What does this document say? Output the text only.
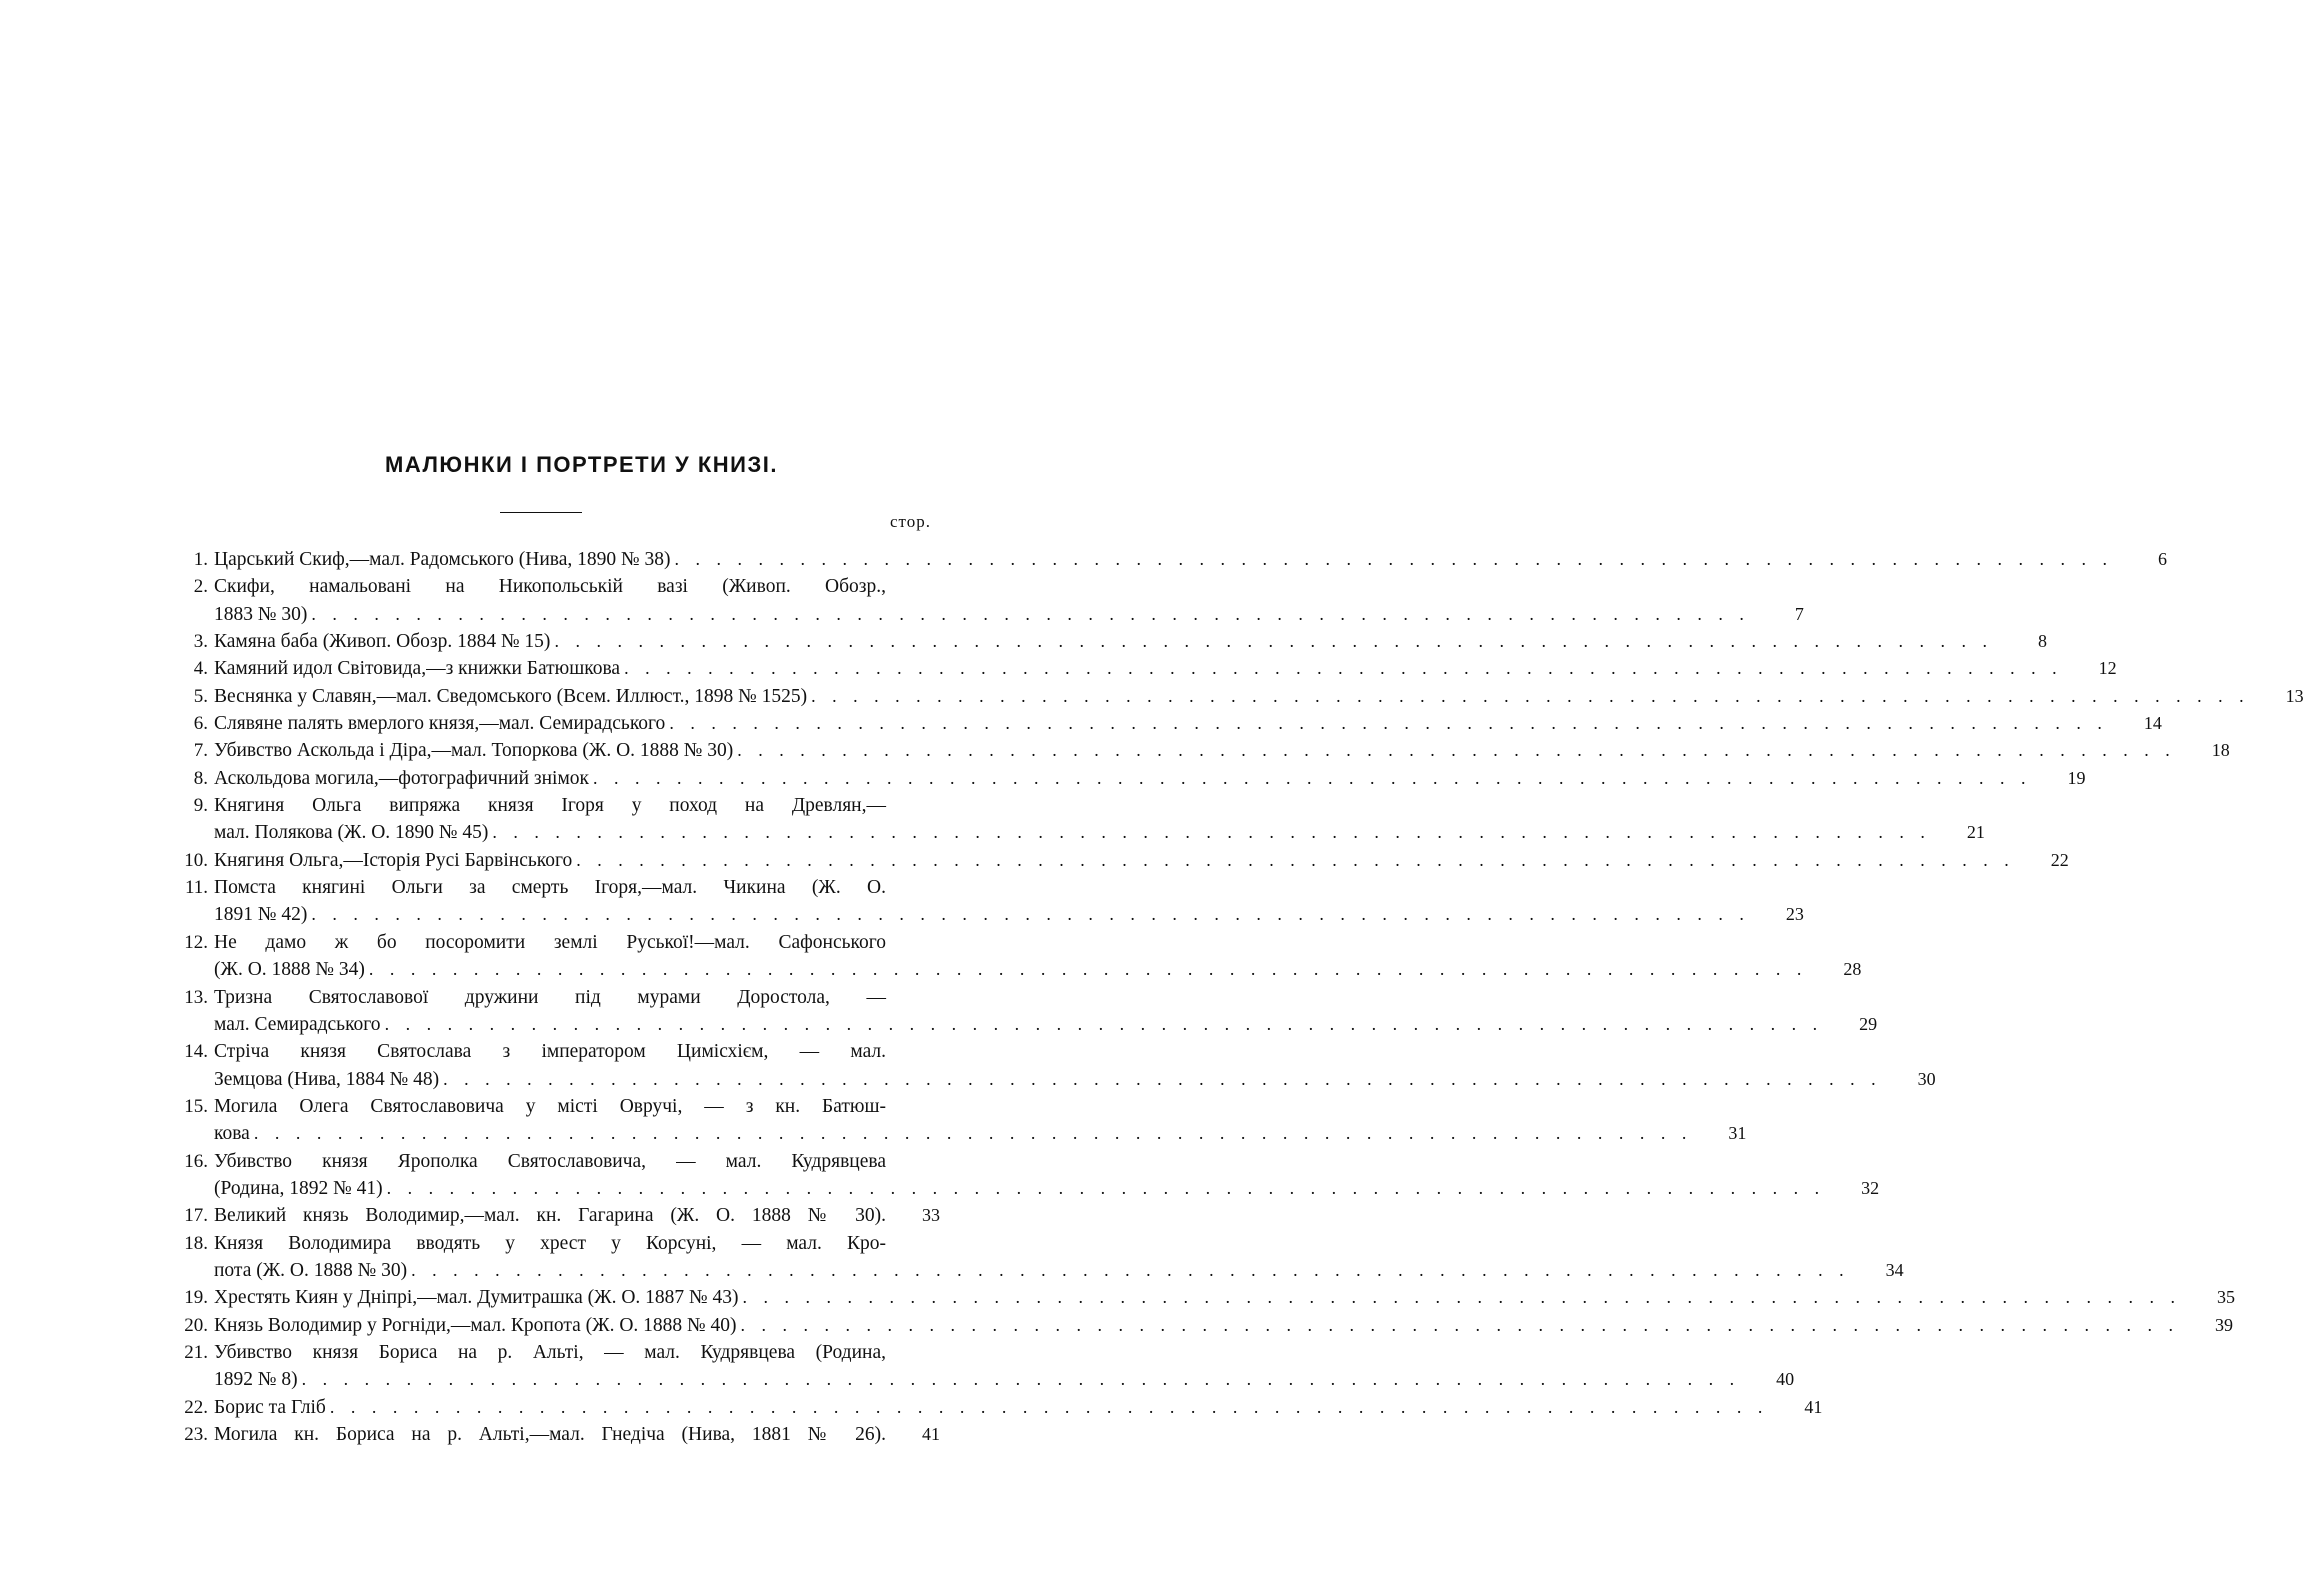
МАЛЮНКИ І ПОРТРЕТИ У КНИЗІ.
стор.
1. Царський Скиф,—мал. Радомського (Нива, 1890 № 38) . . .	6
2. Скифи, намальовані на Никопольській вазі (Живоп. Обозр.,
1883 № 30) . . .	7
3. Камяна баба (Живоп. Обозр. 1884 № 15) . . .	8
4. Камяний идол Світовида,—з книжки Батюшкова . . .	12
5. Веснянка у Славян,—мал. Сведомського (Всем. Иллюст., 1898 № 1525) . . .	13
6. Слявяне палять вмерлого князя,—мал. Семирадського . . .	14
7. Убивство Аскольда і Діра,—мал. Топоркова (Ж. О. 1888 № 30) . . .	18
8. Аскольдова могила,—фотографичний знімок . . .	19
9. Княгиня Ольга випряжа князя Ігоря у поход на Древлян,—
мал. Полякова (Ж. О. 1890 № 45) . . .	21
10. Княгиня Ольга,—Історія Русі Барвінського . . .	22
11. Помста княгині Ольги за смерть Ігоря,—мал. Чикина (Ж. О.
1891 № 42) . . .	23
12. Не дамо ж бо посоромити землі Руської!—мал. Сафонського
(Ж. О. 1888 № 34) . . .	28
13. Тризна Святославової дружини під мурами Доростола, —
мал. Семирадського . . .	29
14. Стріча князя Святослава з імператором Цимісхієм, — мал.
Земцова (Нива, 1884 № 48) . . .	30
15. Могила Олега Святославовича у місті Овручі, — з кн. Батюш-
кова . . .	31
16. Убивство князя Ярополка Святославовича, — мал. Кудрявцева
(Родина, 1892 № 41) . . .	32
17. Великий князь Володимир,—мал. кн. Гагарина (Ж. О. 1888 № 30).	33
18. Князя Володимира вводять у хрест у Корсуні, — мал. Кро-
пота (Ж. О. 1888 № 30) . . .	34
19. Хрестять Киян у Дніпрі,—мал. Думитрашка (Ж. О. 1887 № 43) . . .	35
20. Князь Володимир у Рогніди,—мал. Кропота (Ж. О. 1888 № 40) . . .	39
21. Убивство князя Бориса на р. Альті, — мал. Кудрявцева (Родина,
1892 № 8) . . .	40
22. Борис та Гліб . . .	41
23. Могила кн. Бориса на р. Альті,—мал. Гнедіча (Нива, 1881 № 26).	41
